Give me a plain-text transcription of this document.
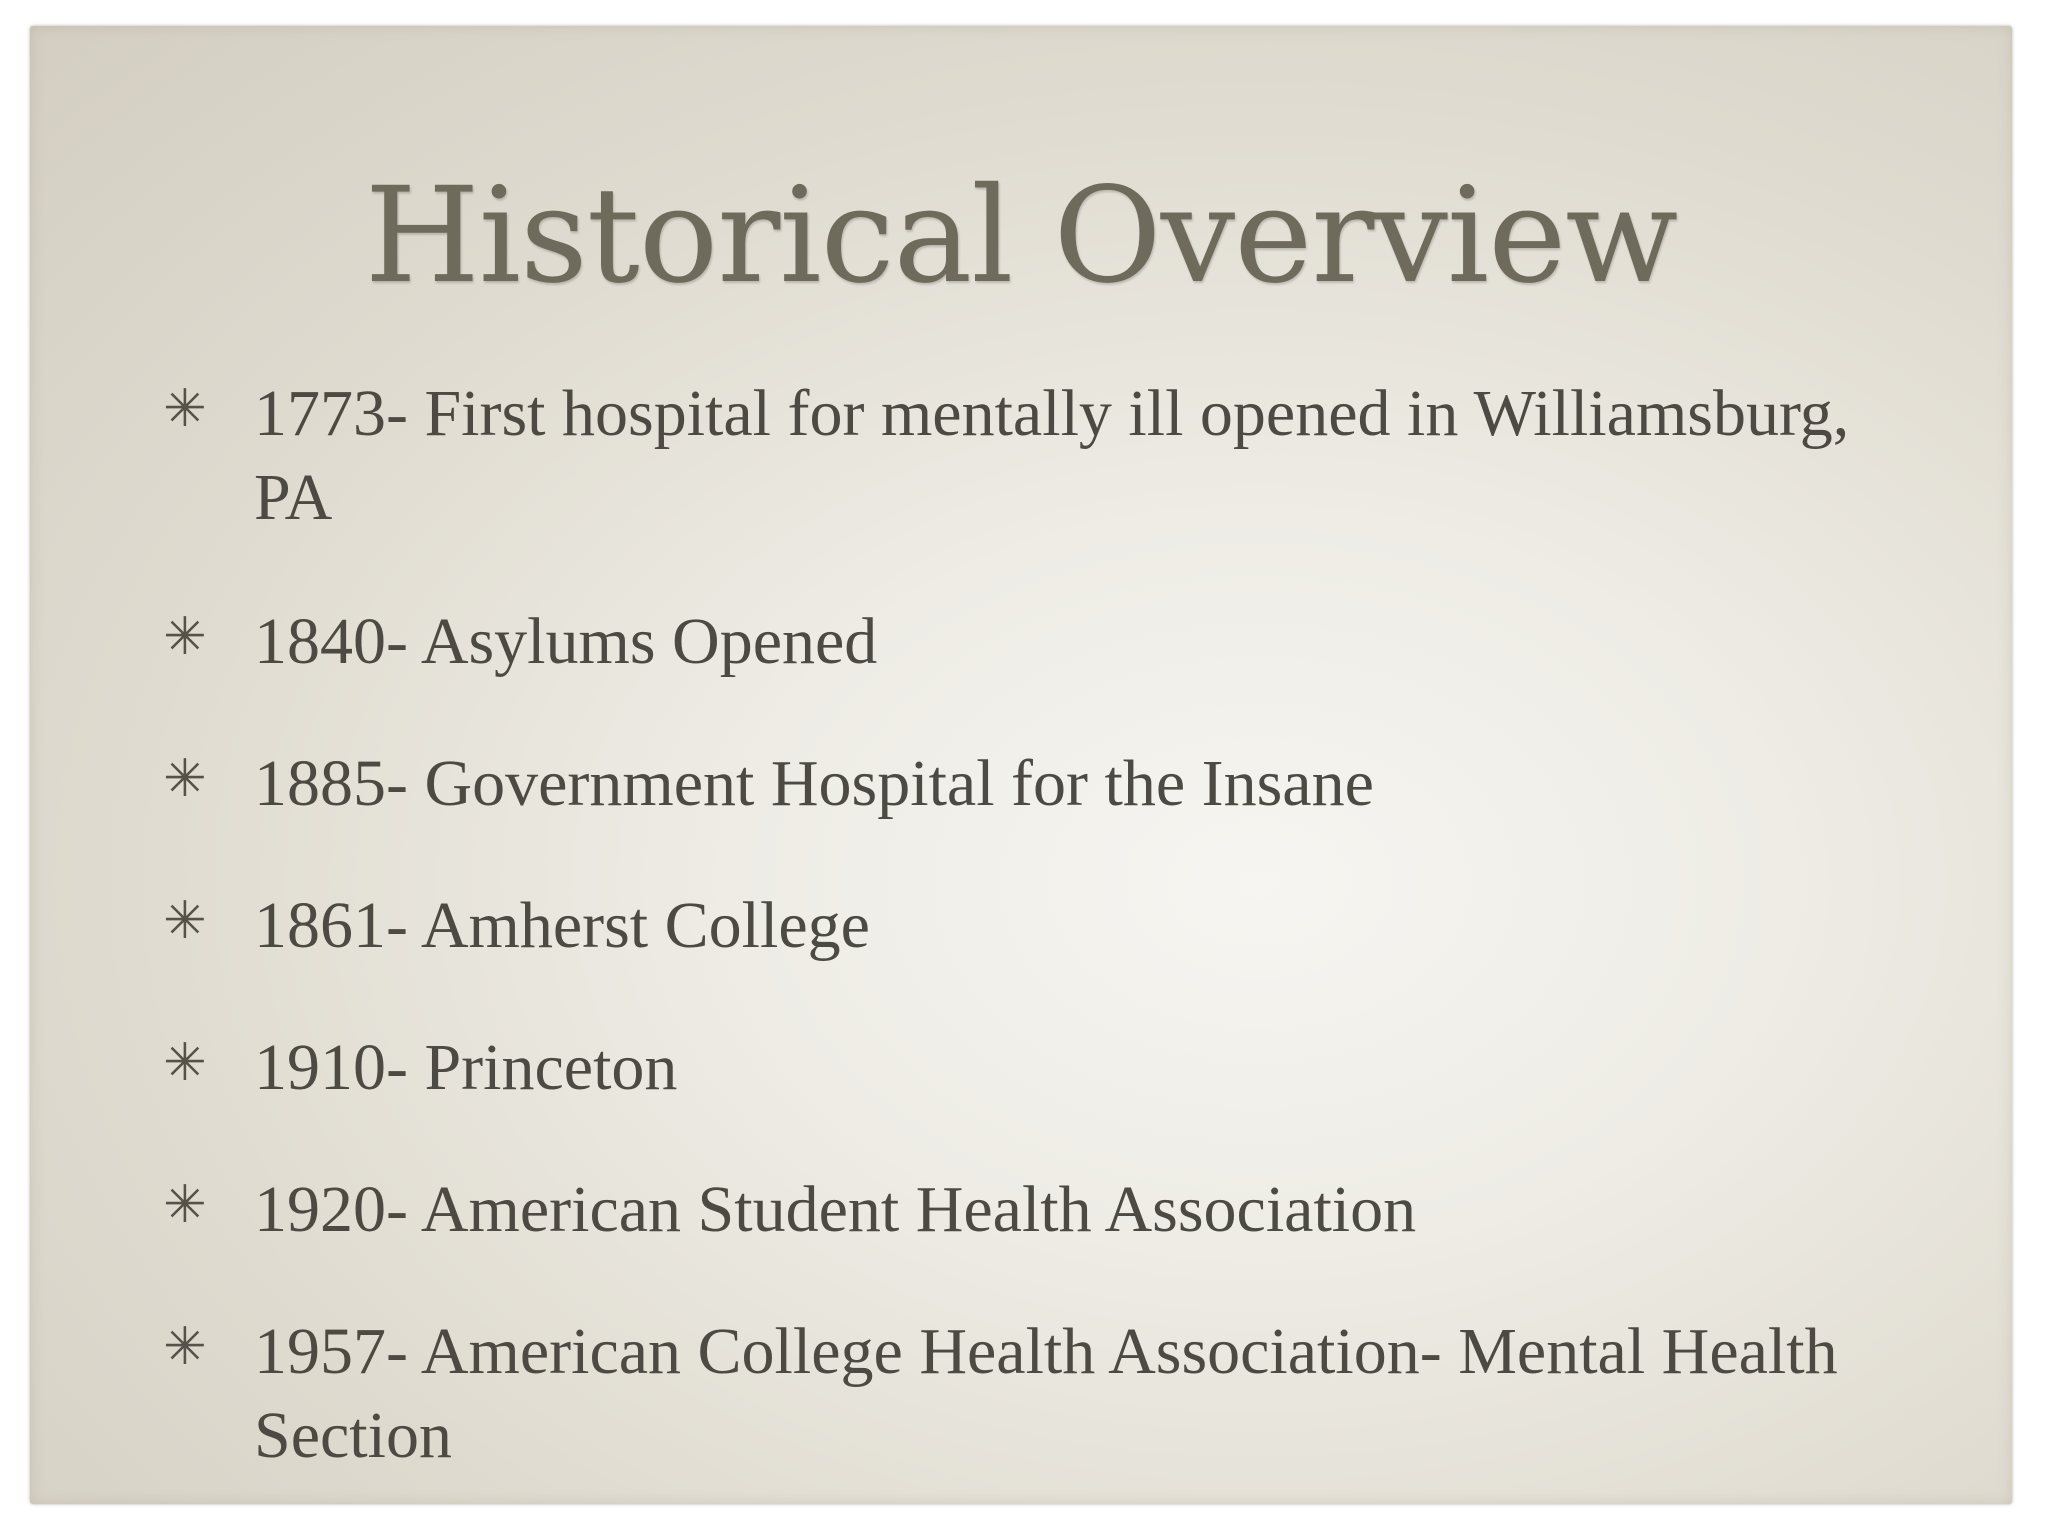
Historical Overview
✳ 1773- First hospital for mentally ill opened in Williamsburg, PA
✳ 1840- Asylums Opened
✳ 1885- Government Hospital for the Insane
✳ 1861- Amherst College
✳ 1910- Princeton
✳ 1920- American Student Health Association
✳ 1957- American College Health Association- Mental Health Section
